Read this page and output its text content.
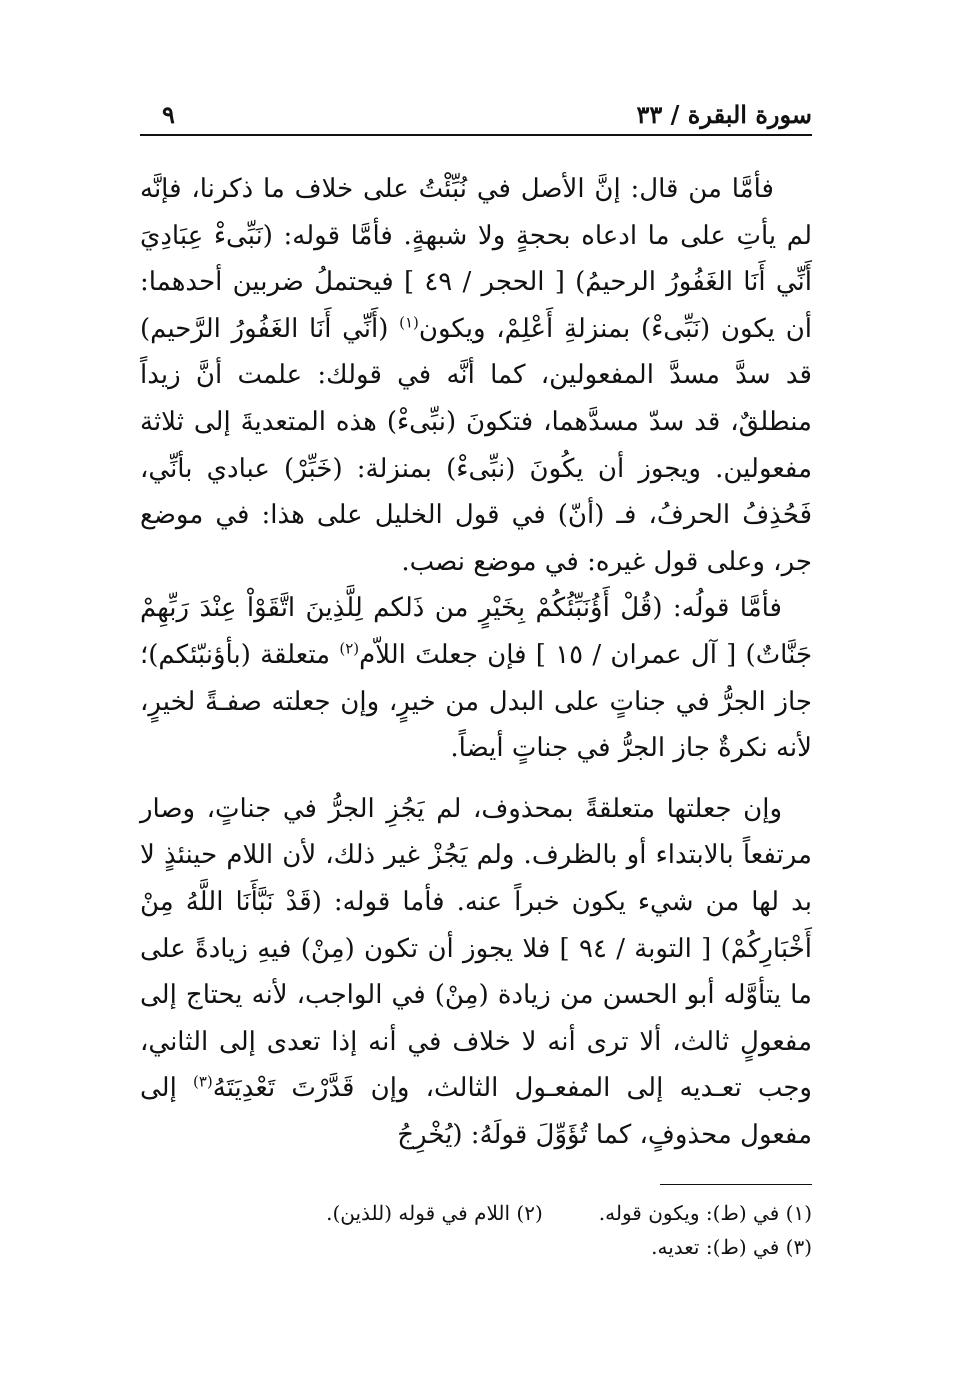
سورة البقرة / ٣٣
٩

فأمَّا من قال: إنَّ الأصل في نُبِّئْتُ على خلاف ما ذكرنا، فإنَّه لم يأتِ على ما ادعاه بحجةٍ ولا شبهةٍ. فأمَّا قوله: (نَبِّىءْ عِبَادِيَ أَنِّي أَنَا الغَفُورُ الرحيمُ) [ الحجر / ٤٩ ] فيحتملُ ضربين أحدهما: أن يكون (نَبِّىءْ) بمنزلةِ أَعْلِمْ، ويكون$^{(١)}$ (أَنِّي أَنَا الغَفُورُ الرَّحيم) قد سدَّ مسدَّ المفعولين، كما أنَّه في قولك: علمت أنَّ زيداً منطلقٌ، قد سدّ مسدَّهما، فتكونَ (نبِّىءْ) هذه المتعديةَ إلى ثلاثة مفعولين. ويجوز أن يكُونَ (نبِّىءْ) بمنزلة: (خَبِّرْ) عبادي بأنِّي، فَحُذِفُ الحرفُ، فـ (أنّ) في قول الخليل على هذا: في موضع جر، وعلى قول غيره: في موضع نصب.

فأمَّا قولُه: (قُلْ أَؤُنَبِّئُكُمْ بِخَيْرٍ من ذَلكم لِلَّذِينَ اتَّقَوْاْ عِنْدَ رَبِّهِمْ جَنَّاتٌ) [ آل عمران / ١٥ ] فإن جعلتَ اللاّم$^{(٢)}$ متعلقة (بأؤنبّئكم)؛ جاز الجرُّ في جناتٍ على البدل من خيرٍ، وإن جعلته صفـةً لخيرٍ، لأنه نكرةٌ جاز الجرُّ في جناتٍ أيضاً.

وإن جعلتها متعلقةً بمحذوف، لم يَجُزِ الجرُّ في جناتٍ، وصار مرتفعاً بالابتداء أو بالظرف. ولم يَجُزْ غير ذلك، لأن اللام حينئذٍ لا بد لها من شيء يكون خبراً عنه. فأما قوله: (قَدْ نَبَّأَنَا اللَّهُ مِنْ أَخْبَارِكُمْ) [ التوبة / ٩٤ ] فلا يجوز أن تكون (مِنْ) فيهِ زيادةً على ما يتأوَّله أبو الحسن من زيادة (مِنْ) في الواجب، لأنه يحتاج إلى مفعولٍ ثالث، ألا ترى أنه لا خلاف في أنه إذا تعدى إلى الثاني، وجب تعـديه إلى المفعـول الثالث، وإن قَدَّرْتَ تَعْدِيَتَهُ$^{(٣)}$ إلى مفعول محذوفٍ، كما تُؤَوِّلَ قولَهُ: (يُخْرِجُ

(١) في (ط): ويكون قوله.
(٢) اللام في قوله (للذين).
(٣) في (ط): تعديه.
